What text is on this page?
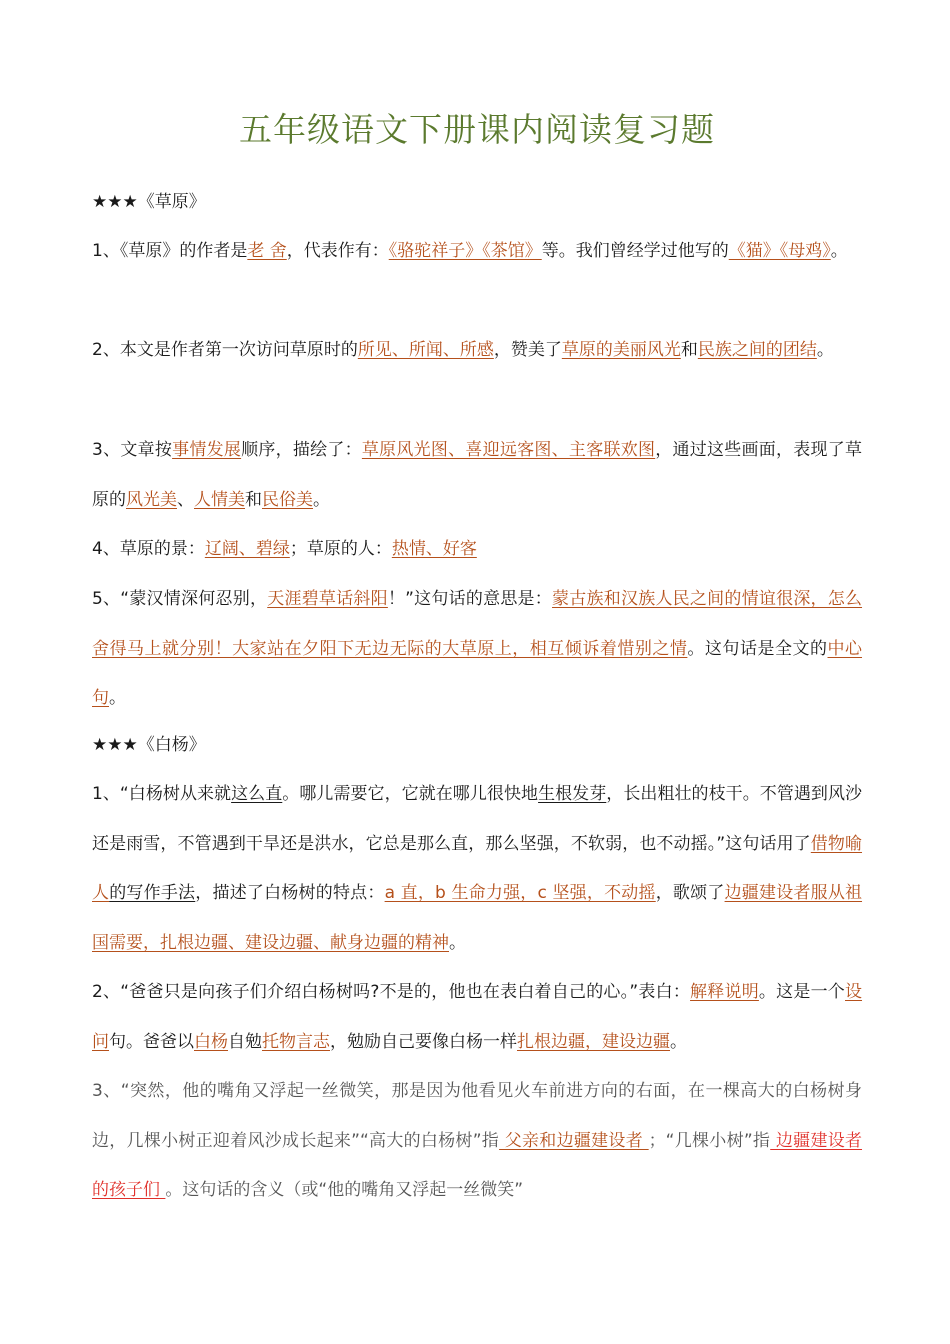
五年级语文下册课内阅读复习题
★★★《草原》

1、《草原》的作者是老 舍，代表作有：《骆驼祥子》《茶馆》等。我们曾经学过他写的《猫》《母鸡》。

2、本文是作者第一次访问草原时的所见、所闻、所感，赞美了草原的美丽风光和民族之间的团结。

3、文章按事情发展顺序，描绘了：草原风光图、喜迎远客图、主客联欢图，通过这些画面，表现了草原的风光美、人情美和民俗美。

4、草原的景：辽阔、碧绿；草原的人：热情、好客

5、“蒙汉情深何忍别，天涯碧草话斜阳！”这句话的意思是：蒙古族和汉族人民之间的情谊很深，怎么舍得马上就分别！大家站在夕阳下无边无际的大草原上，相互倾诉着惜别之情。这句话是全文的中心句。

★★★《白杨》

1、“白杨树从来就这么直。哪儿需要它，它就在哪儿很快地生根发芽，长出粗壮的枝干。不管遇到风沙还是雨雪，不管遇到干旱还是洪水，它总是那么直，那么坚强，不软弱，也不动摇。”这句话用了借物喻人的写作手法，描述了白杨树的特点：a 直，b 生命力强，c 坚强，不动摇，歌颂了边疆建设者服从祖国需要，扎根边疆、建设边疆、献身边疆的精神。

2、“爸爸只是向孩子们介绍白杨树吗?不是的，他也在表白着自己的心。”表白：解释说明。这是一个设问句。爸爸以白杨自勉托物言志，勉励自己要像白杨一样扎根边疆，建设边疆。

3、“突然，他的嘴角又浮起一丝微笑，那是因为他看见火车前进方向的右面，在一棵高大的白杨树身边，几棵小树正迎着风沙成长起来”“高大的白杨树”指 父亲和边疆建设者 ；“几棵小树”指 边疆建设者的孩子们 。这句话的含义（或“他的嘴角又浮起一丝微笑”
